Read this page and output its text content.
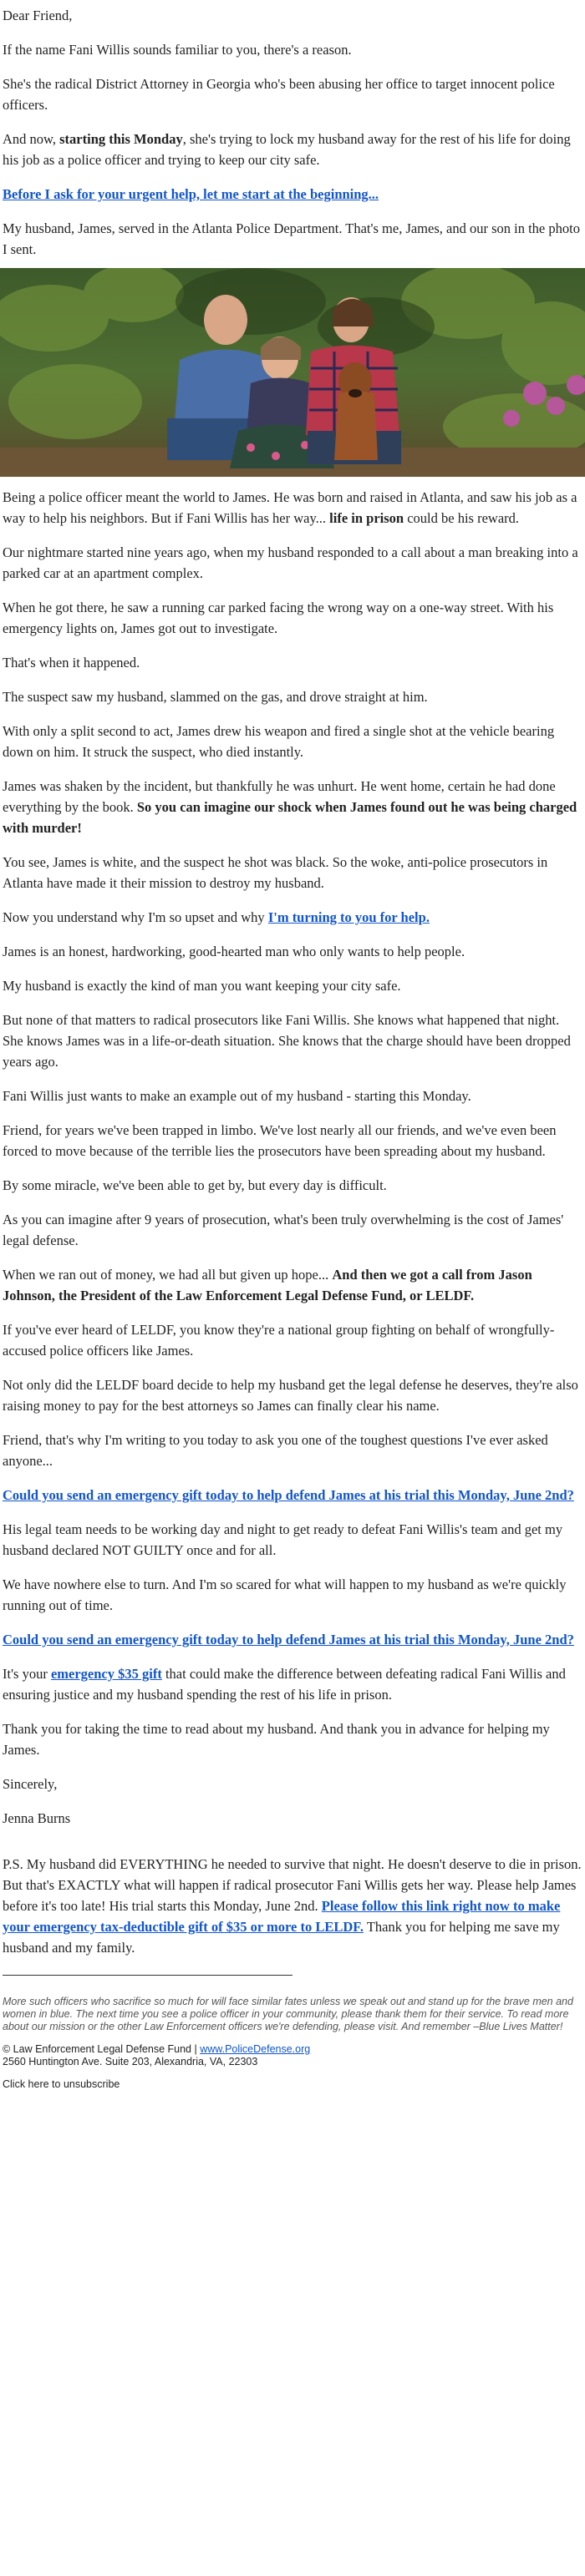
Dear Friend,

If the name Fani Willis sounds familiar to you, there's a reason.

She's the radical District Attorney in Georgia who's been abusing her office to target innocent police officers.

And now, starting this Monday, she's trying to lock my husband away for the rest of his life for doing his job as a police officer and trying to keep our city safe.

Before I ask for your urgent help, let me start at the beginning...

My husband, James, served in the Atlanta Police Department. That's me, James, and our son in the photo I sent.

Being a police officer meant the world to James. He was born and raised in Atlanta, and saw his job as a way to help his neighbors. But if Fani Willis has her way... life in prison could be his reward.

Our nightmare started nine years ago, when my husband responded to a call about a man breaking into a parked car at an apartment complex.

When he got there, he saw a running car parked facing the wrong way on a one-way street. With his emergency lights on, James got out to investigate.

That's when it happened.

The suspect saw my husband, slammed on the gas, and drove straight at him.

With only a split second to act, James drew his weapon and fired a single shot at the vehicle bearing down on him. It struck the suspect, who died instantly.

James was shaken by the incident, but thankfully he was unhurt. He went home, certain he had done everything by the book. So you can imagine our shock when James found out he was being charged with murder!

You see, James is white, and the suspect he shot was black. So the woke, anti-police prosecutors in Atlanta have made it their mission to destroy my husband.

Now you understand why I'm so upset and why I'm turning to you for help.

James is an honest, hardworking, good-hearted man who only wants to help people.

My husband is exactly the kind of man you want keeping your city safe.

But none of that matters to radical prosecutors like Fani Willis. She knows what happened that night. She knows James was in a life-or-death situation. She knows that the charge should have been dropped years ago.

Fani Willis just wants to make an example out of my husband - starting this Monday.

Friend, for years we've been trapped in limbo. We've lost nearly all our friends, and we've even been forced to move because of the terrible lies the prosecutors have been spreading about my husband.

By some miracle, we've been able to get by, but every day is difficult.

As you can imagine after 9 years of prosecution, what's been truly overwhelming is the cost of James' legal defense.

When we ran out of money, we had all but given up hope... And then we got a call from Jason Johnson, the President of the Law Enforcement Legal Defense Fund, or LELDF.

If you've ever heard of LELDF, you know they're a national group fighting on behalf of wrongfully-accused police officers like James.

Not only did the LELDF board decide to help my husband get the legal defense he deserves, they're also raising money to pay for the best attorneys so James can finally clear his name.

Friend, that's why I'm writing to you today to ask you one of the toughest questions I've ever asked anyone...

Could you send an emergency gift today to help defend James at his trial this Monday, June 2nd?

His legal team needs to be working day and night to get ready to defeat Fani Willis's team and get my husband declared NOT GUILTY once and for all.

We have nowhere else to turn. And I'm so scared for what will happen to my husband as we're quickly running out of time.

Could you send an emergency gift today to help defend James at his trial this Monday, June 2nd?

It's your emergency $35 gift that could make the difference between defeating radical Fani Willis and ensuring justice and my husband spending the rest of his life in prison.

Thank you for taking the time to read about my husband. And thank you in advance for helping my James.

Sincerely,

Jenna Burns

P.S. My husband did EVERYTHING he needed to survive that night. He doesn't deserve to die in prison. But that's EXACTLY what will happen if radical prosecutor Fani Willis gets her way. Please help James before it's too late! His trial starts this Monday, June 2nd. Please follow this link right now to make your emergency tax-deductible gift of $35 or more to LELDF. Thank you for helping me save my husband and my family.

More such officers who sacrifice so much for will face similar fates unless we speak out and stand up for the brave men and women in blue. The next time you see a police officer in your community, please thank them for their service. To read more about our mission or the other Law Enforcement officers we're defending, please visit. And remember –Blue Lives Matter!

© Law Enforcement Legal Defense Fund | www.PoliceDefense.org

2560 Huntington Ave. Suite 203, Alexandria, VA, 22303

Click here to unsubscribe
